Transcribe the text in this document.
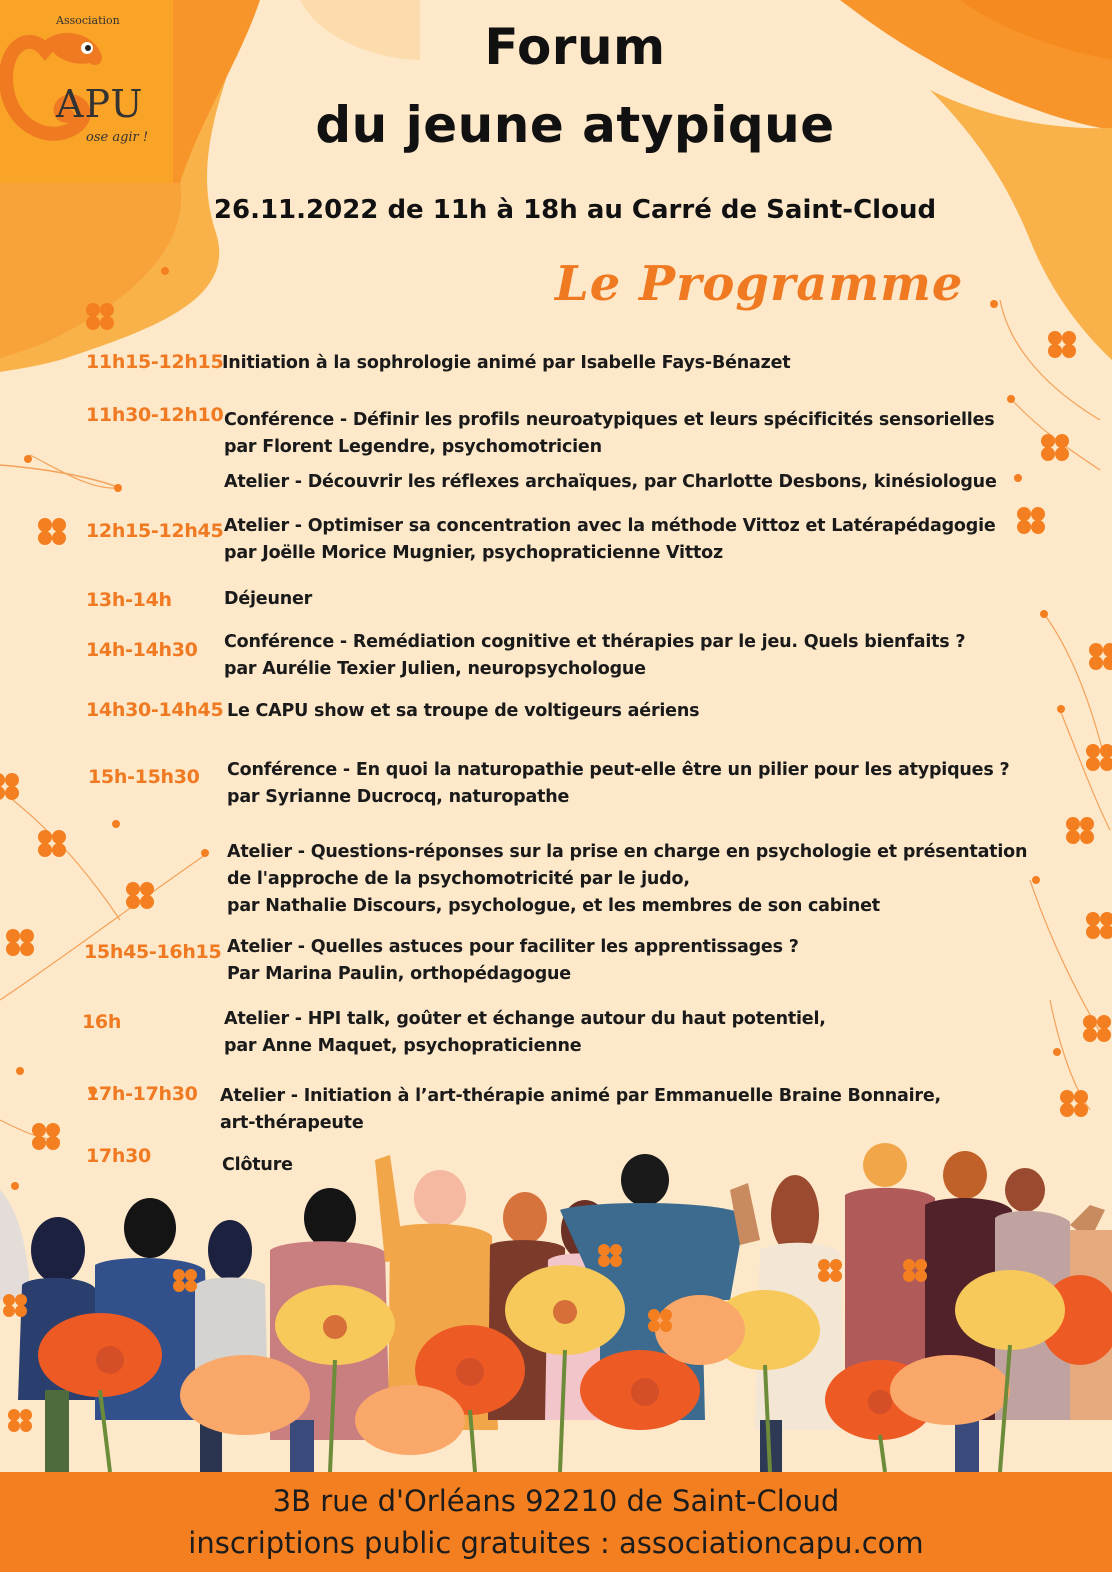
Association
APU
ose agir !
Forum
du jeune atypique
26.11.2022 de 11h à 18h au Carré de Saint-Cloud
Le Programme
11h15-12h15
Initiation à la sophrologie animé par Isabelle Fays-Bénazet
11h30-12h10 Conférence - Définir les profils neuroatypiques et leurs spécificités sensorielles
par Florent Legendre, psychomotricien
Atelier - Découvrir les réflexes archaïques, par Charlotte Desbons, kinésiologue
12h15-12h45 Atelier - Optimiser sa concentration avec la méthode Vittoz et Latérapédagogie
par Joëlle Morice Mugnier, psychopraticienne Vittoz
13h-14h	Déjeuner
14h-14h30 Conférence - Remédiation cognitive et thérapies par le jeu. Quels bienfaits ?
par Aurélie Texier Julien, neuropsychologue
14h30-14h45 Le CAPU show et sa troupe de voltigeurs aériens
15h-15h30 Conférence - En quoi la naturopathie peut-elle être un pilier pour les atypiques ?
par Syrianne Ducrocq, naturopathe
Atelier - Questions-réponses sur la prise en charge en psychologie et présentation
de l'approche de la psychomotricité par le judo,
par Nathalie Discours, psychologue, et les membres de son cabinet
15h45-16h15 Atelier - Quelles astuces pour faciliter les apprentissages ?
Par Marina Paulin, orthopédagogue
16h	Atelier - HPI talk, goûter et échange autour du haut potentiel,
par Anne Maquet, psychopraticienne
17h-17h30 Atelier - Initiation à l’art-thérapie animé par Emmanuelle Braine Bonnaire,
art-thérapeute
17h30	Clôture
3B rue d'Orléans 92210 de Saint-Cloud
inscriptions public gratuites : associationcapu.com
